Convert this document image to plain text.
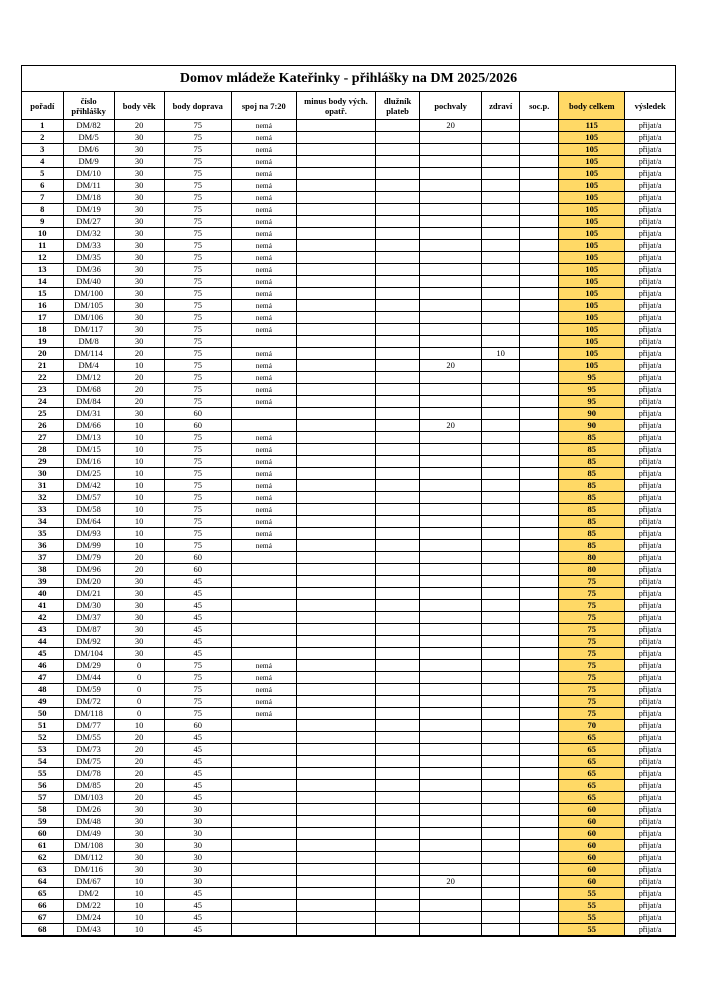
Domov mládeže Kateřinky - přihlášky na DM 2025/2026
pořadí	číslo přihlášky	body věk	body doprava	spoj na 7:20	minus body vých. opatř.	dlužník plateb	pochvaly	zdraví	soc.p.	body celkem	výsledek
1	DM/82	20	75	nemá			20			115	přijat/a
2	DM/5	30	75	nemá						105	přijat/a
3	DM/6	30	75	nemá						105	přijat/a
4	DM/9	30	75	nemá						105	přijat/a
5	DM/10	30	75	nemá						105	přijat/a
6	DM/11	30	75	nemá						105	přijat/a
7	DM/18	30	75	nemá						105	přijat/a
8	DM/19	30	75	nemá						105	přijat/a
9	DM/27	30	75	nemá						105	přijat/a
10	DM/32	30	75	nemá						105	přijat/a
11	DM/33	30	75	nemá						105	přijat/a
12	DM/35	30	75	nemá						105	přijat/a
13	DM/36	30	75	nemá						105	přijat/a
14	DM/40	30	75	nemá						105	přijat/a
15	DM/100	30	75	nemá						105	přijat/a
16	DM/105	30	75	nemá						105	přijat/a
17	DM/106	30	75	nemá						105	přijat/a
18	DM/117	30	75	nemá						105	přijat/a
19	DM/8	30	75							105	přijat/a
20	DM/114	20	75	nemá				10		105	přijat/a
21	DM/4	10	75	nemá			20			105	přijat/a
22	DM/12	20	75	nemá						95	přijat/a
23	DM/68	20	75	nemá						95	přijat/a
24	DM/84	20	75	nemá						95	přijat/a
25	DM/31	30	60							90	přijat/a
26	DM/66	10	60				20			90	přijat/a
27	DM/13	10	75	nemá						85	přijat/a
28	DM/15	10	75	nemá						85	přijat/a
29	DM/16	10	75	nemá						85	přijat/a
30	DM/25	10	75	nemá						85	přijat/a
31	DM/42	10	75	nemá						85	přijat/a
32	DM/57	10	75	nemá						85	přijat/a
33	DM/58	10	75	nemá						85	přijat/a
34	DM/64	10	75	nemá						85	přijat/a
35	DM/93	10	75	nemá						85	přijat/a
36	DM/99	10	75	nemá						85	přijat/a
37	DM/79	20	60							80	přijat/a
38	DM/96	20	60							80	přijat/a
39	DM/20	30	45							75	přijat/a
40	DM/21	30	45							75	přijat/a
41	DM/30	30	45							75	přijat/a
42	DM/37	30	45							75	přijat/a
43	DM/87	30	45							75	přijat/a
44	DM/92	30	45							75	přijat/a
45	DM/104	30	45							75	přijat/a
46	DM/29	0	75	nemá						75	přijat/a
47	DM/44	0	75	nemá						75	přijat/a
48	DM/59	0	75	nemá						75	přijat/a
49	DM/72	0	75	nemá						75	přijat/a
50	DM/118	0	75	nemá						75	přijat/a
51	DM/77	10	60							70	přijat/a
52	DM/55	20	45							65	přijat/a
53	DM/73	20	45							65	přijat/a
54	DM/75	20	45							65	přijat/a
55	DM/78	20	45							65	přijat/a
56	DM/85	20	45							65	přijat/a
57	DM/103	20	45							65	přijat/a
58	DM/26	30	30							60	přijat/a
59	DM/48	30	30							60	přijat/a
60	DM/49	30	30							60	přijat/a
61	DM/108	30	30							60	přijat/a
62	DM/112	30	30							60	přijat/a
63	DM/116	30	30							60	přijat/a
64	DM/67	10	30				20			60	přijat/a
65	DM/2	10	45							55	přijat/a
66	DM/22	10	45							55	přijat/a
67	DM/24	10	45							55	přijat/a
68	DM/43	10	45							55	přijat/a
